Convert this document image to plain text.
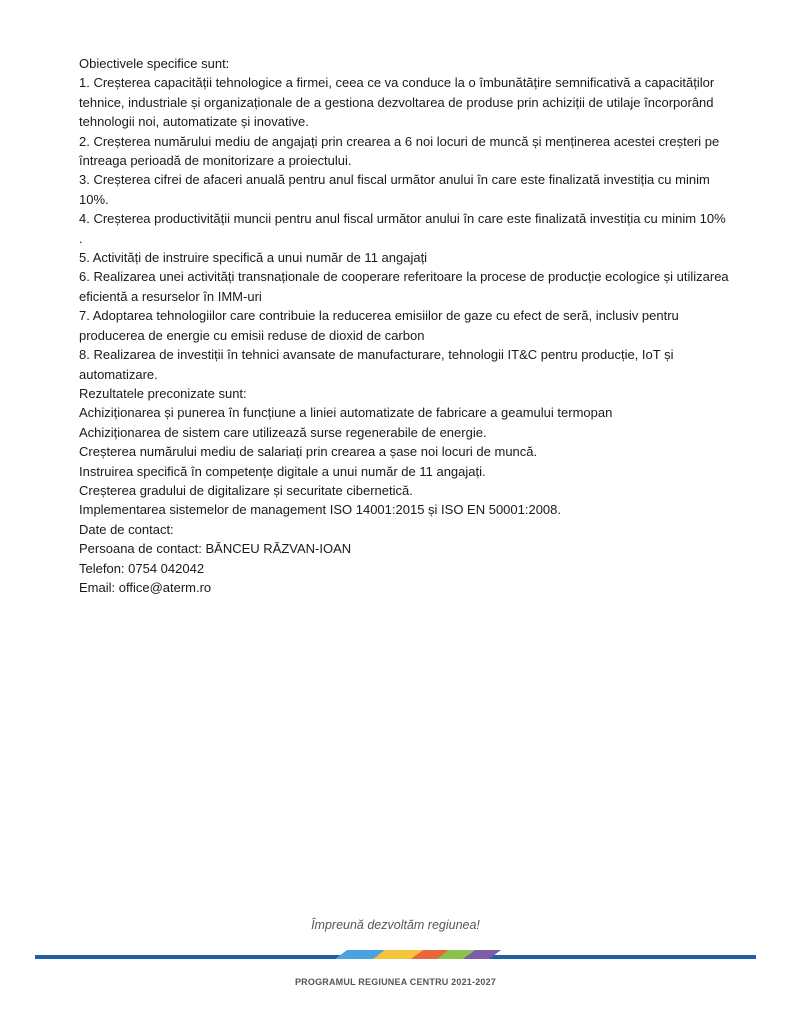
Obiectivele specifice sunt:

1. Creșterea capacității tehnologice a firmei, ceea ce va conduce la o îmbunătățire semnificativă a capacităților tehnice, industriale și organizaționale de a gestiona dezvoltarea de produse prin achiziții de utilaje încorporând tehnologii noi, automatizate și inovative.

2. Creșterea numărului mediu de angajați prin crearea a 6 noi locuri de muncă și menținerea acestei creșteri pe întreaga perioadă de monitorizare a proiectului.

3. Creșterea cifrei de afaceri anuală pentru anul fiscal următor anului în care este finalizată investiția cu minim 10%.

4. Creșterea productivității muncii pentru anul fiscal următor anului în care este finalizată investiția cu minim 10% .

5. Activități de instruire specifică a unui număr de 11 angajați

6. Realizarea unei activități transnaționale de cooperare referitoare la procese de producție ecologice și utilizarea eficientă a resurselor în IMM-uri

7. Adoptarea tehnologiilor care contribuie la reducerea emisiilor de gaze cu efect de seră, inclusiv pentru producerea de energie cu emisii reduse de dioxid de carbon

8. Realizarea de investiții în tehnici avansate de manufacturare, tehnologii IT&C pentru producție, IoT și automatizare.

Rezultatele preconizate sunt:

Achiziționarea și punerea în funcțiune a liniei automatizate de fabricare a geamului termopan

Achiziționarea de sistem care utilizează surse regenerabile de energie.

Creșterea numărului mediu de salariați prin crearea a șase noi locuri de muncă.

Instruirea specifică în competențe digitale a unui număr de 11 angajați.

Creșterea gradului de digitalizare și securitate cibernetică.

Implementarea sistemelor de management ISO 14001:2015 și ISO EN 50001:2008.

Date de contact:

Persoana de contact: BĂNCEU RĂZVAN-IOAN

Telefon: 0754 042042

Email: office@aterm.ro

Împreună dezvoltăm regiunea!
PROGRAMUL REGIUNEA CENTRU 2021-2027
